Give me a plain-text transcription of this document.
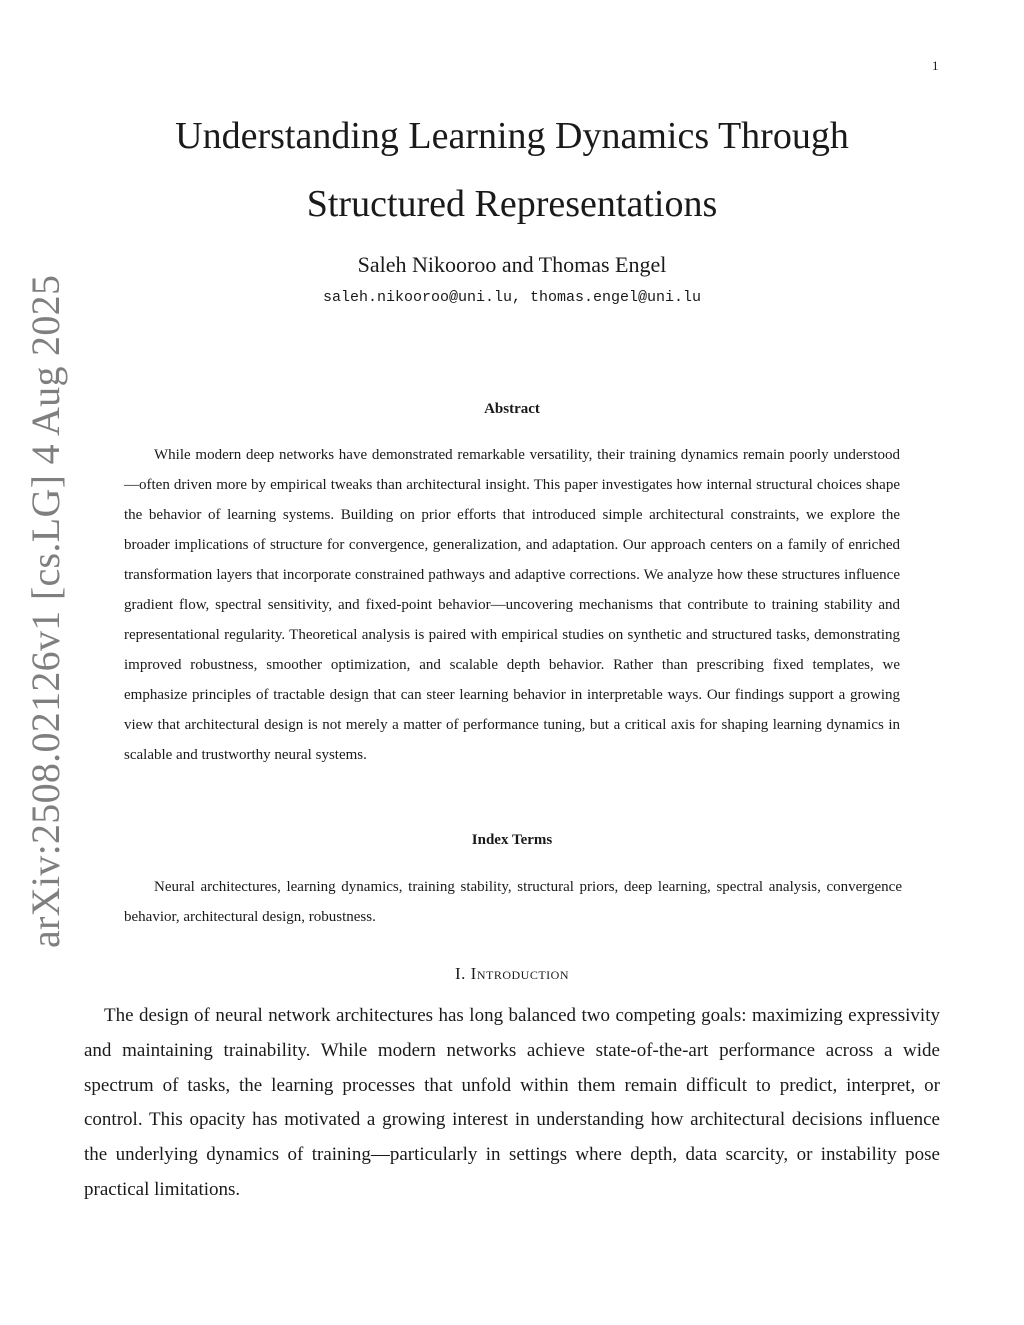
1
arXiv:2508.02126v1 [cs.LG] 4 Aug 2025
Understanding Learning Dynamics Through
Structured Representations
Saleh Nikooroo and Thomas Engel
saleh.nikooroo@uni.lu, thomas.engel@uni.lu
Abstract

While modern deep networks have demonstrated remarkable versatility, their training dynamics remain poorly understood—often driven more by empirical tweaks than architectural insight. This paper investigates how internal structural choices shape the behavior of learning systems. Building on prior efforts that introduced simple architectural constraints, we explore the broader implications of structure for convergence, generalization, and adaptation. Our approach centers on a family of enriched transformation layers that incorporate constrained pathways and adaptive corrections. We analyze how these structures influence gradient flow, spectral sensitivity, and fixed-point behavior—uncovering mechanisms that contribute to training stability and representational regularity. Theoretical analysis is paired with empirical studies on synthetic and structured tasks, demonstrating improved robustness, smoother optimization, and scalable depth behavior. Rather than prescribing fixed templates, we emphasize principles of tractable design that can steer learning behavior in interpretable ways. Our findings support a growing view that architectural design is not merely a matter of performance tuning, but a critical axis for shaping learning dynamics in scalable and trustworthy neural systems.

Index Terms

Neural architectures, learning dynamics, training stability, structural priors, deep learning, spectral analysis, convergence behavior, architectural design, robustness.

I. Introduction

The design of neural network architectures has long balanced two competing goals: maximizing expressivity and maintaining trainability. While modern networks achieve state-of-the-art performance across a wide spectrum of tasks, the learning processes that unfold within them remain difficult to predict, interpret, or control. This opacity has motivated a growing interest in understanding how architectural decisions influence the underlying dynamics of training—particularly in settings where depth, data scarcity, or instability pose practical limitations.
